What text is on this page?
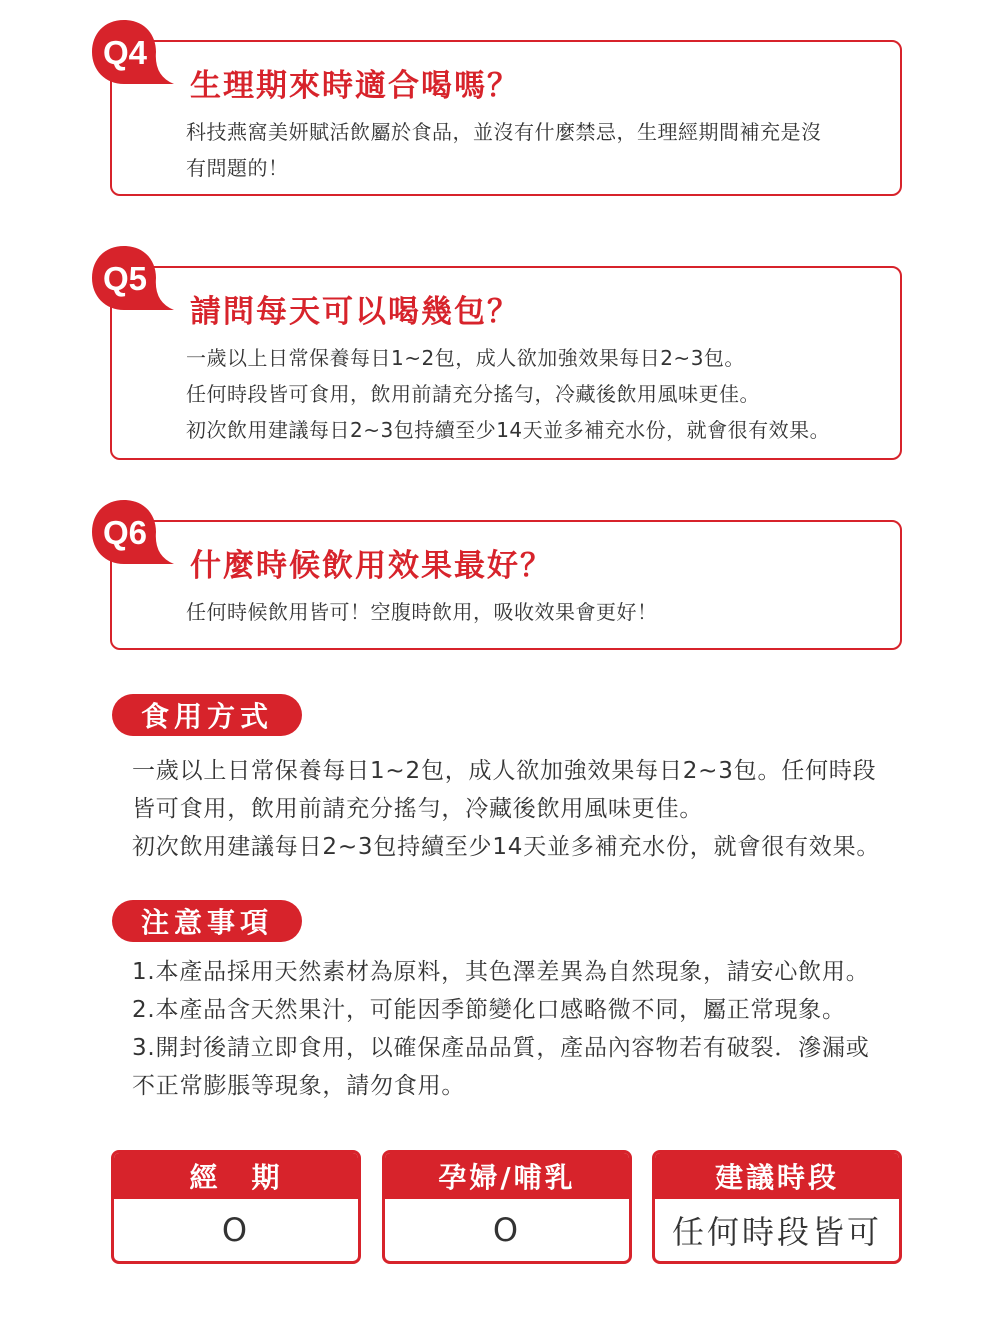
生理期來時適合喝嗎？
科技燕窩美妍賦活飲屬於食品，並沒有什麼禁忌，生理經期間補充是沒
有問題的！
Q4
請問每天可以喝幾包？
一歲以上日常保養每日1~2包，成人欲加強效果每日2~3包。
任何時段皆可食用，飲用前請充分搖勻，冷藏後飲用風味更佳。
初次飲用建議每日2~3包持續至少14天並多補充水份，就會很有效果。
Q5
什麼時候飲用效果最好？
任何時候飲用皆可！空腹時飲用，吸收效果會更好！
Q6
食用方式
一歲以上日常保養每日1~2包，成人欲加強效果每日2~3包。任何時段
皆可食用，飲用前請充分搖勻，冷藏後飲用風味更佳。
初次飲用建議每日2~3包持續至少14天並多補充水份，就會很有效果。
注意事項
1.本產品採用天然素材為原料，其色澤差異為自然現象，請安心飲用。
2.本產品含天然果汁，可能因季節變化口感略微不同，屬正常現象。
3.開封後請立即食用，以確保產品品質，產品內容物若有破裂．滲漏或
不正常膨脹等現象，請勿食用。
經　期
O
孕婦/哺乳
O
建議時段
任何時段皆可
